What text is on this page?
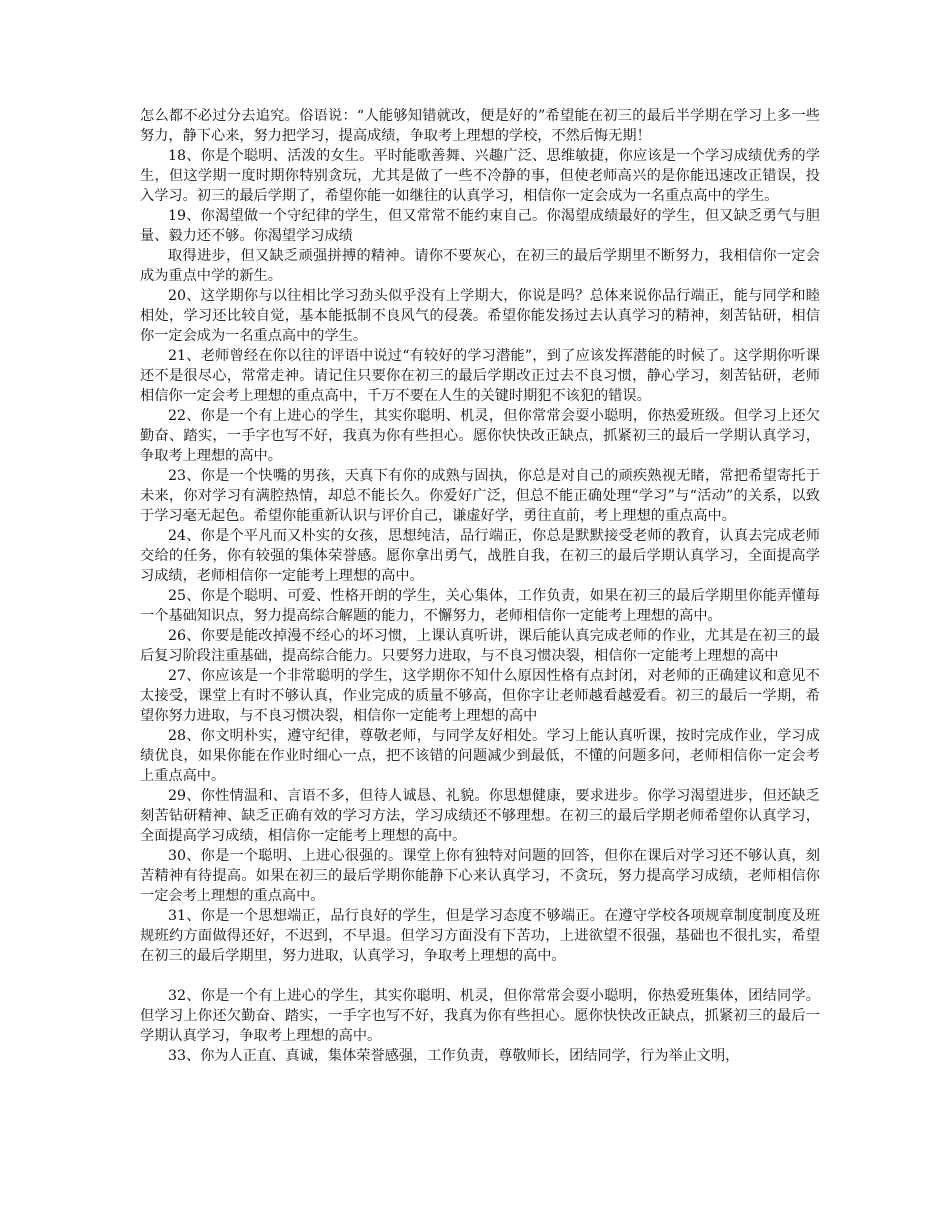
怎么都不必过分去追究。俗语说：“人能够知错就改，便是好的”希望能在初三的最后半学期在学习上多一些努力，静下心来，努力把学习，提高成绩，争取考上理想的学校，不然后悔无期！

18、你是个聪明、活泼的女生。平时能歌善舞、兴趣广泛、思维敏捷，你应该是一个学习成绩优秀的学生，但这学期一度时期你特别贪玩，尤其是做了一些不冷静的事，但使老师高兴的是你能迅速改正错误，投入学习。初三的最后学期了，希望你能一如继往的认真学习，相信你一定会成为一名重点高中的学生。

19、你渴望做一个守纪律的学生，但又常常不能约束自己。你渴望成绩最好的学生，但又缺乏勇气与胆量、毅力还不够。你渴望学习成绩

取得进步，但又缺乏顽强拼搏的精神。请你不要灰心，在初三的最后学期里不断努力，我相信你一定会成为重点中学的新生。

20、这学期你与以往相比学习劲头似乎没有上学期大，你说是吗？总体来说你品行端正，能与同学和睦相处，学习还比较自觉，基本能抵制不良风气的侵袭。希望你能发扬过去认真学习的精神，刻苦钻研，相信你一定会成为一名重点高中的学生。

21、老师曾经在你以往的评语中说过“有较好的学习潜能”，到了应该发挥潜能的时候了。这学期你听课还不是很尽心，常常走神。请记住只要你在初三的最后学期改正过去不良习惯，静心学习，刻苦钻研，老师相信你一定会考上理想的重点高中，千万不要在人生的关键时期犯不该犯的错误。

22、你是一个有上进心的学生，其实你聪明、机灵，但你常常会耍小聪明，你热爱班级。但学习上还欠勤奋、踏实，一手字也写不好，我真为你有些担心。愿你快快改正缺点，抓紧初三的最后一学期认真学习，争取考上理想的高中。

23、你是一个快嘴的男孩，天真下有你的成熟与固执，你总是对自己的顽疾熟视无睹，常把希望寄托于未来，你对学习有满腔热情，却总不能长久。你爱好广泛，但总不能正确处理“学习”与“活动”的关系，以致于学习毫无起色。希望你能重新认识与评价自己，谦虚好学，勇往直前，考上理想的重点高中。

24、你是个平凡而又朴实的女孩，思想纯洁，品行端正，你总是默默接受老师的教育，认真去完成老师交给的任务，你有较强的集体荣誉感。愿你拿出勇气，战胜自我，在初三的最后学期认真学习，全面提高学习成绩，老师相信你一定能考上理想的高中。

25、你是个聪明、可爱、性格开朗的学生，关心集体，工作负责，如果在初三的最后学期里你能弄懂每一个基础知识点，努力提高综合解题的能力，不懈努力，老师相信你一定能考上理想的高中。

26、你要是能改掉漫不经心的坏习惯，上课认真听讲，课后能认真完成老师的作业，尤其是在初三的最后复习阶段注重基础，提高综合能力。只要努力进取，与不良习惯决裂，相信你一定能考上理想的高中

27、你应该是一个非常聪明的学生，这学期你不知什么原因性格有点封闭，对老师的正确建议和意见不太接受，课堂上有时不够认真，作业完成的质量不够高，但你字让老师越看越爱看。初三的最后一学期，希望你努力进取，与不良习惯决裂，相信你一定能考上理想的高中

28、你文明朴实，遵守纪律，尊敬老师，与同学友好相处。学习上能认真听课，按时完成作业，学习成绩优良，如果你能在作业时细心一点，把不该错的问题减少到最低，不懂的问题多问，老师相信你一定会考上重点高中。

29、你性情温和、言语不多，但待人诚恳、礼貌。你思想健康，要求进步。你学习渴望进步，但还缺乏刻苦钻研精神、缺乏正确有效的学习方法，学习成绩还不够理想。在初三的最后学期老师希望你认真学习，全面提高学习成绩，相信你一定能考上理想的高中。

30、你是一个聪明、上进心很强的。课堂上你有独特对问题的回答，但你在课后对学习还不够认真，刻苦精神有待提高。如果在初三的最后学期你能静下心来认真学习，不贪玩，努力提高学习成绩，老师相信你一定会考上理想的重点高中。

31、你是一个思想端正，品行良好的学生，但是学习态度不够端正。在遵守学校各项规章制度制度及班规班约方面做得还好，不迟到，不早退。但学习方面没有下苦功，上进欲望不很强，基础也不很扎实，希望在初三的最后学期里，努力进取，认真学习，争取考上理想的高中。

32、你是一个有上进心的学生，其实你聪明、机灵，但你常常会耍小聪明，你热爱班集体，团结同学。但学习上你还欠勤奋、踏实，一手字也写不好，我真为你有些担心。愿你快快改正缺点，抓紧初三的最后一学期认真学习，争取考上理想的高中。

33、你为人正直、真诚，集体荣誉感强，工作负责，尊敬师长，团结同学，行为举止文明，
